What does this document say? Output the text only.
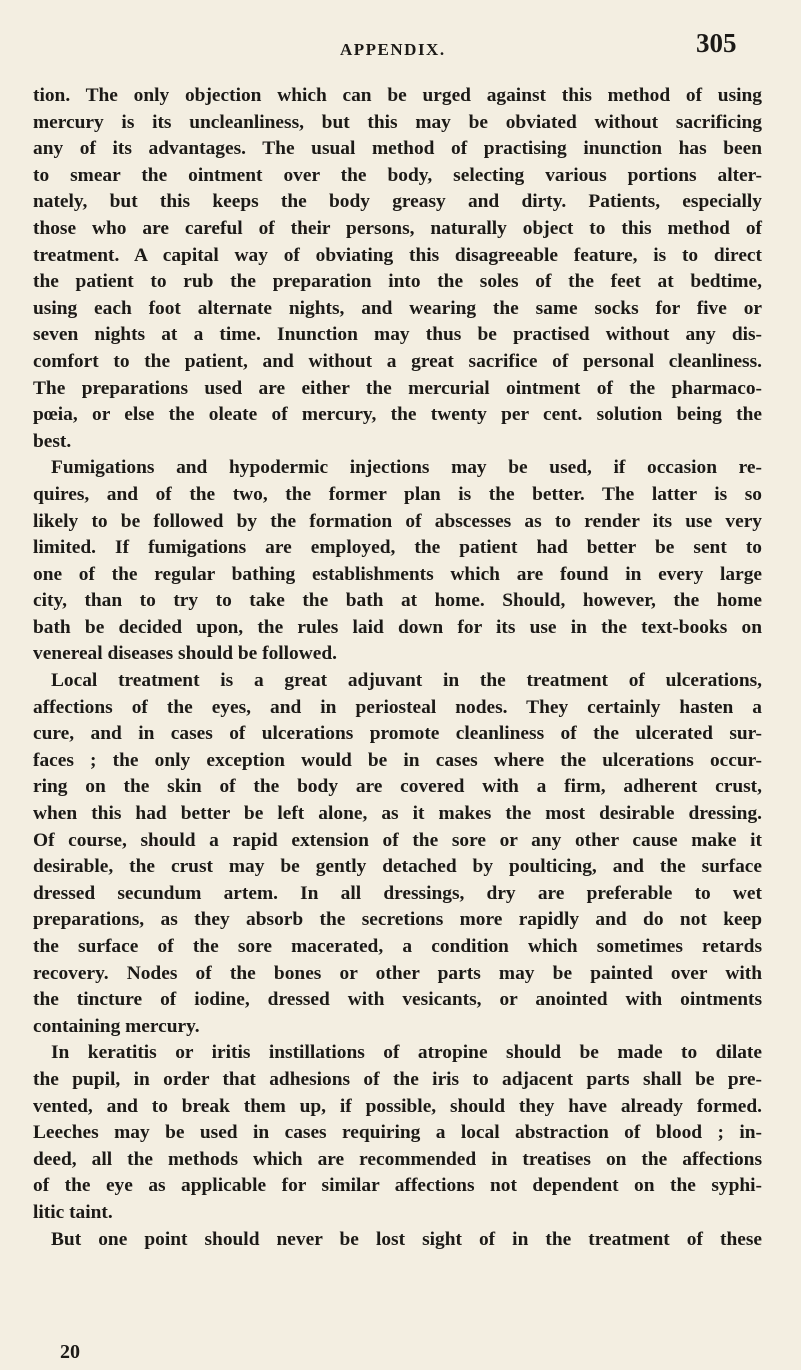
APPENDIX.	305
tion. The only objection which can be urged against this method of using
mercury is its uncleanliness, but this may be obviated without sacrificing
any of its advantages. The usual method of practising inunction has been
to smear the ointment over the body, selecting various portions alter-
nately, but this keeps the body greasy and dirty. Patients, especially
those who are careful of their persons, naturally object to this method of
treatment. A capital way of obviating this disagreeable feature, is to direct
the patient to rub the preparation into the soles of the feet at bedtime,
using each foot alternate nights, and wearing the same socks for five or
seven nights at a time. Inunction may thus be practised without any dis-
comfort to the patient, and without a great sacrifice of personal cleanliness.
The preparations used are either the mercurial ointment of the pharmaco-
pœia, or else the oleate of mercury, the twenty per cent. solution being the
best.
Fumigations and hypodermic injections may be used, if occasion re-
quires, and of the two, the former plan is the better. The latter is so
likely to be followed by the formation of abscesses as to render its use very
limited. If fumigations are employed, the patient had better be sent to
one of the regular bathing establishments which are found in every large
city, than to try to take the bath at home. Should, however, the home
bath be decided upon, the rules laid down for its use in the text-books on
venereal diseases should be followed.
Local treatment is a great adjuvant in the treatment of ulcerations,
affections of the eyes, and in periosteal nodes. They certainly hasten a
cure, and in cases of ulcerations promote cleanliness of the ulcerated sur-
faces ; the only exception would be in cases where the ulcerations occur-
ring on the skin of the body are covered with a firm, adherent crust,
when this had better be left alone, as it makes the most desirable dressing.
Of course, should a rapid extension of the sore or any other cause make it
desirable, the crust may be gently detached by poulticing, and the surface
dressed secundum artem. In all dressings, dry are preferable to wet
preparations, as they absorb the secretions more rapidly and do not keep
the surface of the sore macerated, a condition which sometimes retards
recovery. Nodes of the bones or other parts may be painted over with
the tincture of iodine, dressed with vesicants, or anointed with ointments
containing mercury.
In keratitis or iritis instillations of atropine should be made to dilate
the pupil, in order that adhesions of the iris to adjacent parts shall be pre-
vented, and to break them up, if possible, should they have already formed.
Leeches may be used in cases requiring a local abstraction of blood ; in-
deed, all the methods which are recommended in treatises on the affections
of the eye as applicable for similar affections not dependent on the syphi-
litic taint.
But one point should never be lost sight of in the treatment of these
20
